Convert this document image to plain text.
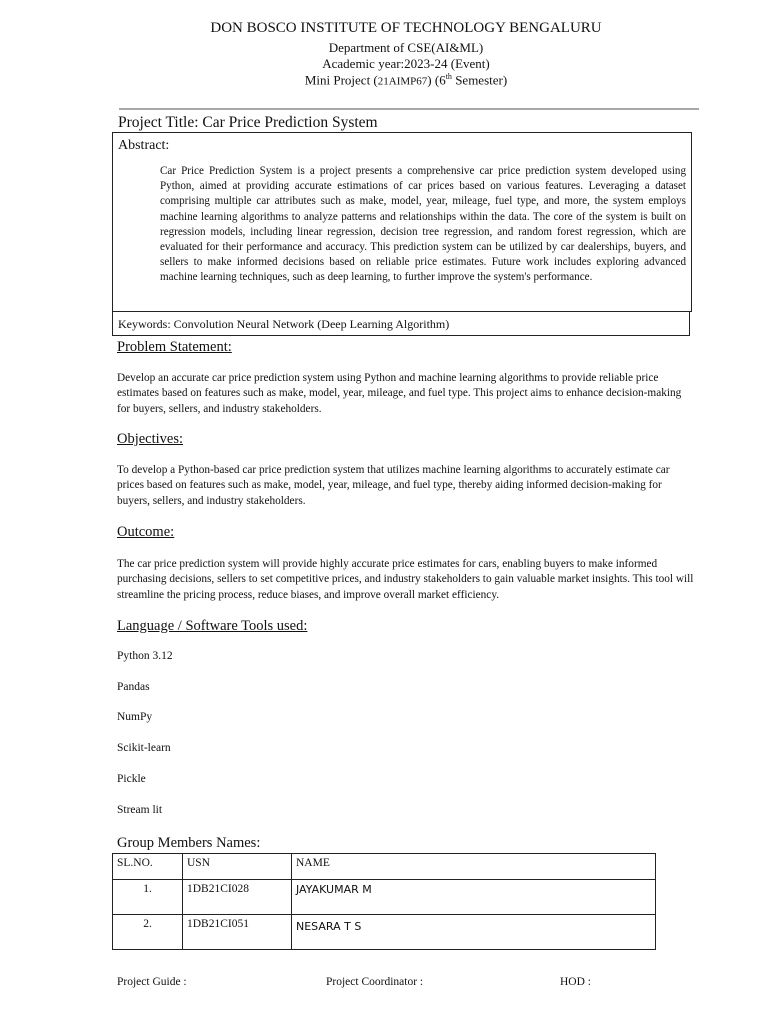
DON BOSCO INSTITUTE OF TECHNOLOGY BENGALURU
Department of CSE(AI&ML)
Academic year:2023-24 (Event)
Mini Project (21AIMP67) (6th Semester)
Project Title: Car Price Prediction System
Abstract:
Car Price Prediction System is a project presents a comprehensive car price prediction system developed using Python, aimed at providing accurate estimations of car prices based on various features. Leveraging a dataset comprising multiple car attributes such as make, model, year, mileage, fuel type, and more, the system employs machine learning algorithms to analyze patterns and relationships within the data. The core of the system is built on regression models, including linear regression, decision tree regression, and random forest regression, which are evaluated for their performance and accuracy. This prediction system can be utilized by car dealerships, buyers, and sellers to make informed decisions based on reliable price estimates. Future work includes exploring advanced machine learning techniques, such as deep learning, to further improve the system's performance.
Keywords: Convolution Neural Network (Deep Learning Algorithm)
Problem Statement:
Develop an accurate car price prediction system using Python and machine learning algorithms to provide reliable price estimates based on features such as make, model, year, mileage, and fuel type. This project aims to enhance decision-making for buyers, sellers, and industry stakeholders.
Objectives:
To develop a Python-based car price prediction system that utilizes machine learning algorithms to accurately estimate car prices based on features such as make, model, year, mileage, and fuel type, thereby aiding informed decision-making for buyers, sellers, and industry stakeholders.
Outcome:
The car price prediction system will provide highly accurate price estimates for cars, enabling buyers to make informed purchasing decisions, sellers to set competitive prices, and industry stakeholders to gain valuable market insights. This tool will streamline the pricing process, reduce biases, and improve overall market efficiency.
Language / Software Tools used:
Python 3.12
Pandas
NumPy
Scikit-learn
Pickle
Stream lit
Group Members Names:
SL.NO.	USN	NAME
1.	1DB21CI028	JAYAKUMAR M
2.	1DB21CI051	NESARA T S
Project Guide :	Project Coordinator :	HOD :
